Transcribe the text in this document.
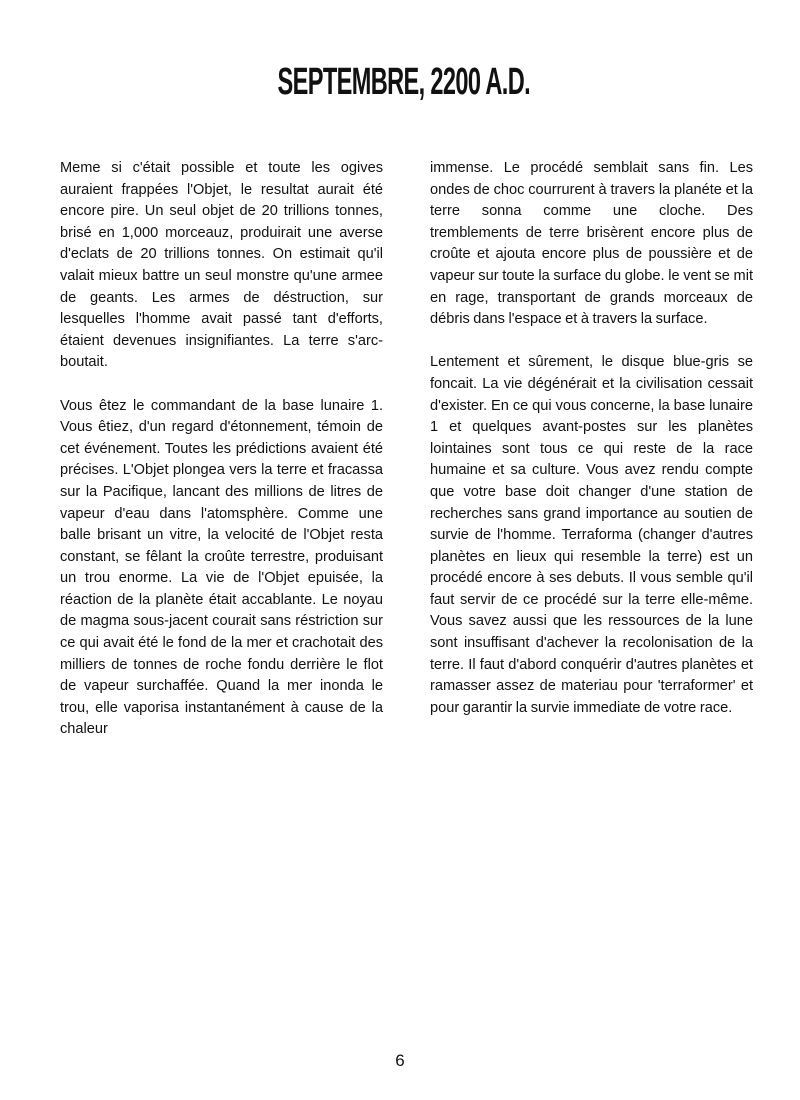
SEPTEMBRE, 2200 A.D.

Meme si c'était possible et toute les ogives auraient frappées l'Objet, le resultat aurait été encore pire. Un seul objet de 20 trillions tonnes, brisé en 1,000 morceauz, produirait une averse d'eclats de 20 trillions tonnes. On estimait qu'il valait mieux battre un seul monstre qu'une armee de geants. Les armes de déstruction, sur lesquelles l'homme avait passé tant d'efforts, étaient devenues insignifiantes. La terre s'arc-boutait.

Vous êtez le commandant de la base lunaire 1. Vous êtiez, d'un regard d'étonnement, témoin de cet événement. Toutes les prédictions avaient été précises. L'Objet plongea vers la terre et fracassa sur la Pacifique, lancant des millions de litres de vapeur d'eau dans l'atomsphère. Comme une balle brisant un vitre, la velocité de l'Objet resta constant, se fêlant la croûte terrestre, produisant un trou enorme. La vie de l'Objet epuisée, la réaction de la planète était accablante. Le noyau de magma sous-jacent courait sans réstriction sur ce qui avait été le fond de la mer et crachotait des milliers de tonnes de roche fondu derrière le flot de vapeur surchaffée. Quand la mer inonda le trou, elle vaporisa instantanément à cause de la chaleur

immense. Le procédé semblait sans fin. Les ondes de choc courrurent à travers la planéte et la terre sonna comme une cloche. Des tremblements de terre brisèrent encore plus de croûte et ajouta encore plus de poussière et de vapeur sur toute la surface du globe. le vent se mit en rage, transportant de grands morceaux de débris dans l'espace et à travers la surface.

Lentement et sûrement, le disque blue-gris se foncait. La vie dégénérait et la civilisation cessait d'exister. En ce qui vous concerne, la base lunaire 1 et quelques avant-postes sur les planètes lointaines sont tous ce qui reste de la race humaine et sa culture. Vous avez rendu compte que votre base doit changer d'une station de recherches sans grand importance au soutien de survie de l'homme. Terraforma (changer d'autres planètes en lieux qui resemble la terre) est un procédé encore à ses debuts. Il vous semble qu'il faut servir de ce procédé sur la terre elle-même. Vous savez aussi que les ressources de la lune sont insuffisant d'achever la recolonisation de la terre. Il faut d'abord conquérir d'autres planètes et ramasser assez de materiau pour 'terraformer' et pour garantir la survie immediate de votre race.

6
